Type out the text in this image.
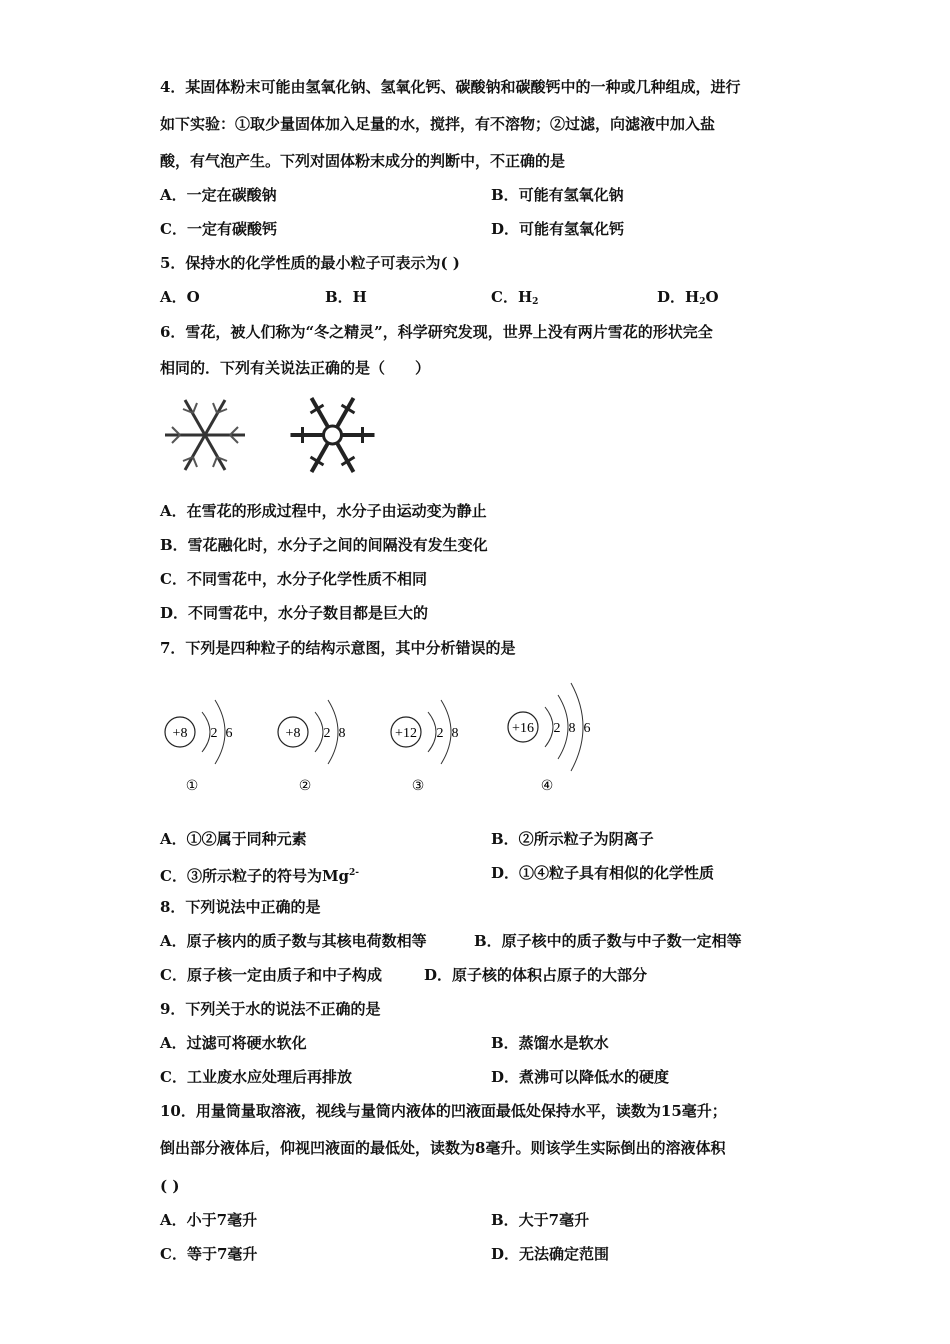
4．某固体粉末可能由氢氧化钠、氢氧化钙、碳酸钠和碳酸钙中的一种或几种组成，进行
如下实验：①取少量固体加入足量的水，搅拌，有不溶物；②过滤，向滤液中加入盐
酸，有气泡产生。下列对固体粉末成分的判断中，不正确的是
A．一定在碳酸钠	B．可能有氢氧化钠
C．一定有碳酸钙	D．可能有氢氧化钙
5．保持水的化学性质的最小粒子可表示为( )
A．O	B．H	C．$H_2$	D．$H_2O$
6．雪花，被人们称为“冬之精灵”，科学研究发现，世界上没有两片雪花的形状完全
相同的．下列有关说法正确的是（　　）
A．在雪花的形成过程中，水分子由运动变为静止
B．雪花融化时，水分子之间的间隔没有发生变化
C．不同雪花中，水分子化学性质不相同
D．不同雪花中，水分子数目都是巨大的
7．下列是四种粒子的结构示意图，其中分析错误的是
+8 2 6
①
+8 2 8
②
+12 2 8
③
+16 2 8 6
④
A．①②属于同种元素	B．②所示粒子为阴离子
C．③所示粒子的符号为$Mg^{2-}$	D．①④粒子具有相似的化学性质
8．下列说法中正确的是
A．原子核内的质子数与其核电荷数相等	B．原子核中的质子数与中子数一定相等
C．原子核一定由质子和中子构成	D．原子核的体积占原子的大部分
9．下列关于水的说法不正确的是
A．过滤可将硬水软化	B．蒸馏水是软水
C．工业废水应处理后再排放	D．煮沸可以降低水的硬度
10．用量筒量取溶液，视线与量筒内液体的凹液面最低处保持水平，读数为15毫升；
倒出部分液体后，仰视凹液面的最低处，读数为8毫升。则该学生实际倒出的溶液体积
( )
A．小于7毫升	B．大于7毫升
C．等于7毫升	D．无法确定范围
